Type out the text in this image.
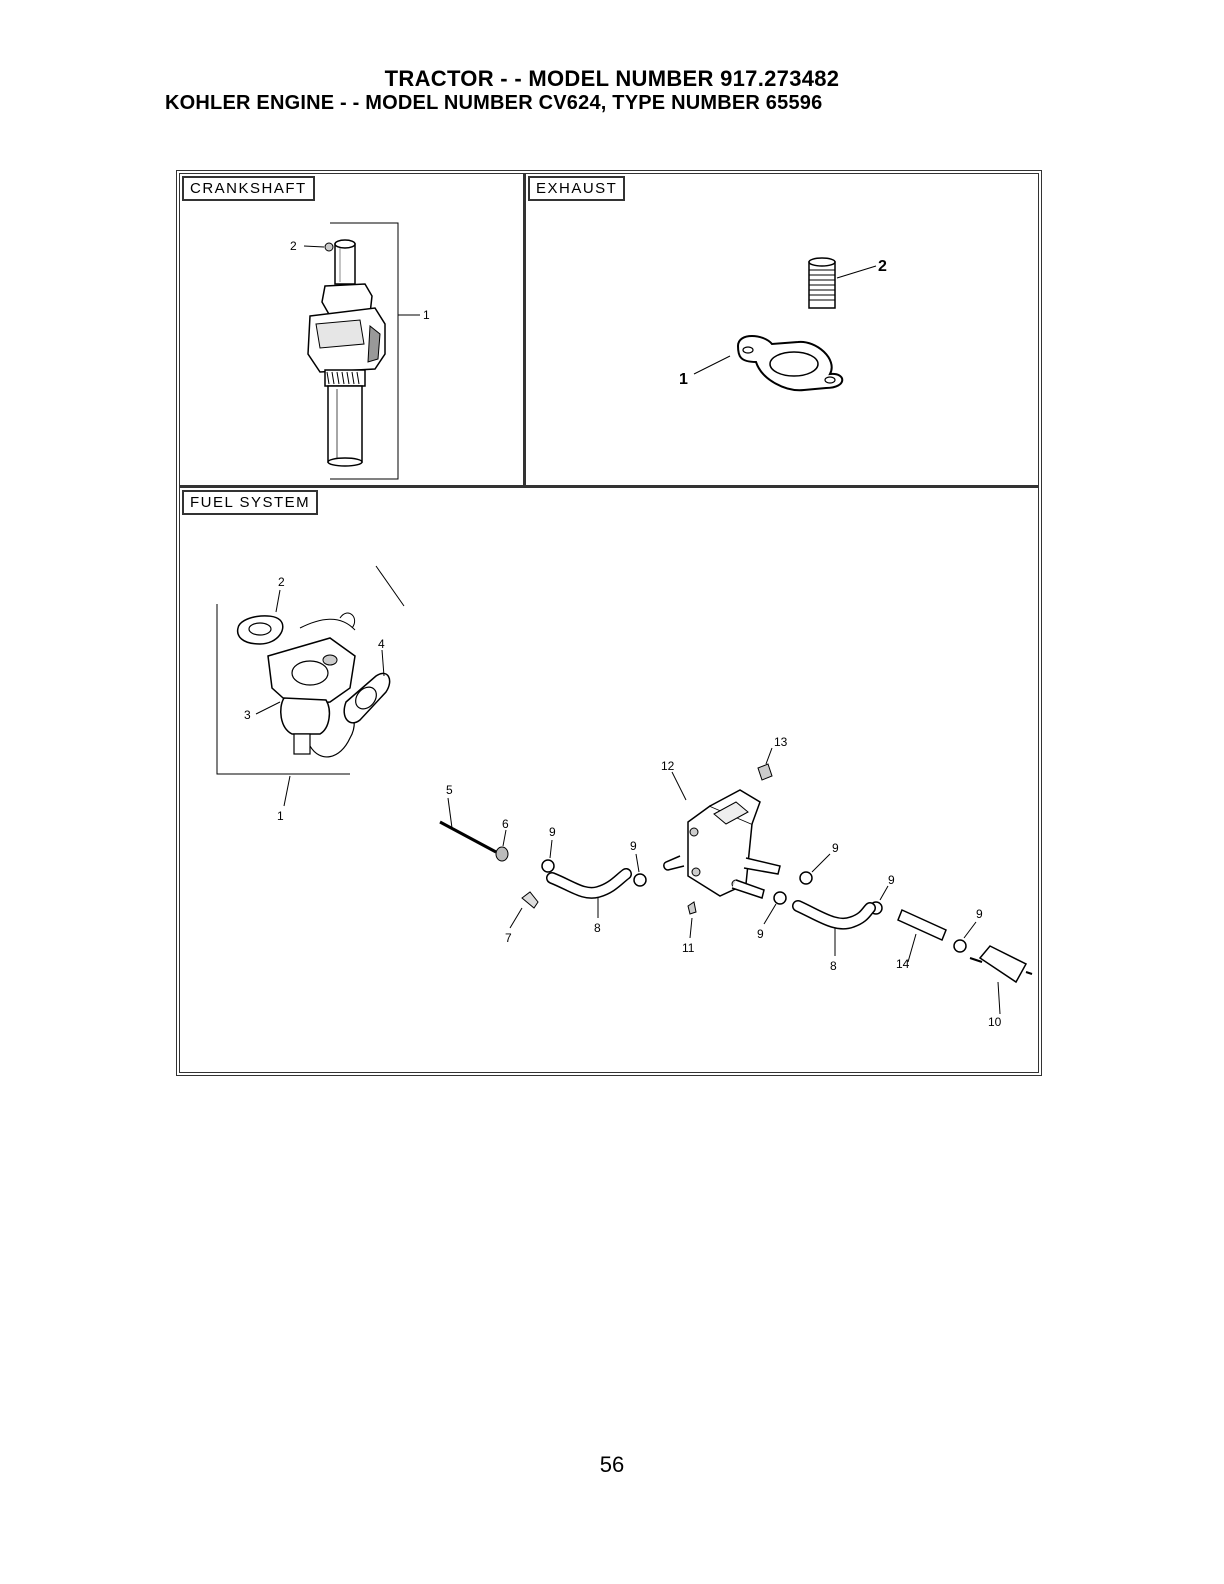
TRACTOR - - MODEL NUMBER 917.273482
KOHLER ENGINE - - MODEL NUMBER CV624, TYPE NUMBER 65596
CRANKSHAFT
2
1
EXHAUST
2
1
FUEL SYSTEM
1
2
3
4
5
6
7
8
9
9
11
12
13
9
9
9
8	14
9
10
56
